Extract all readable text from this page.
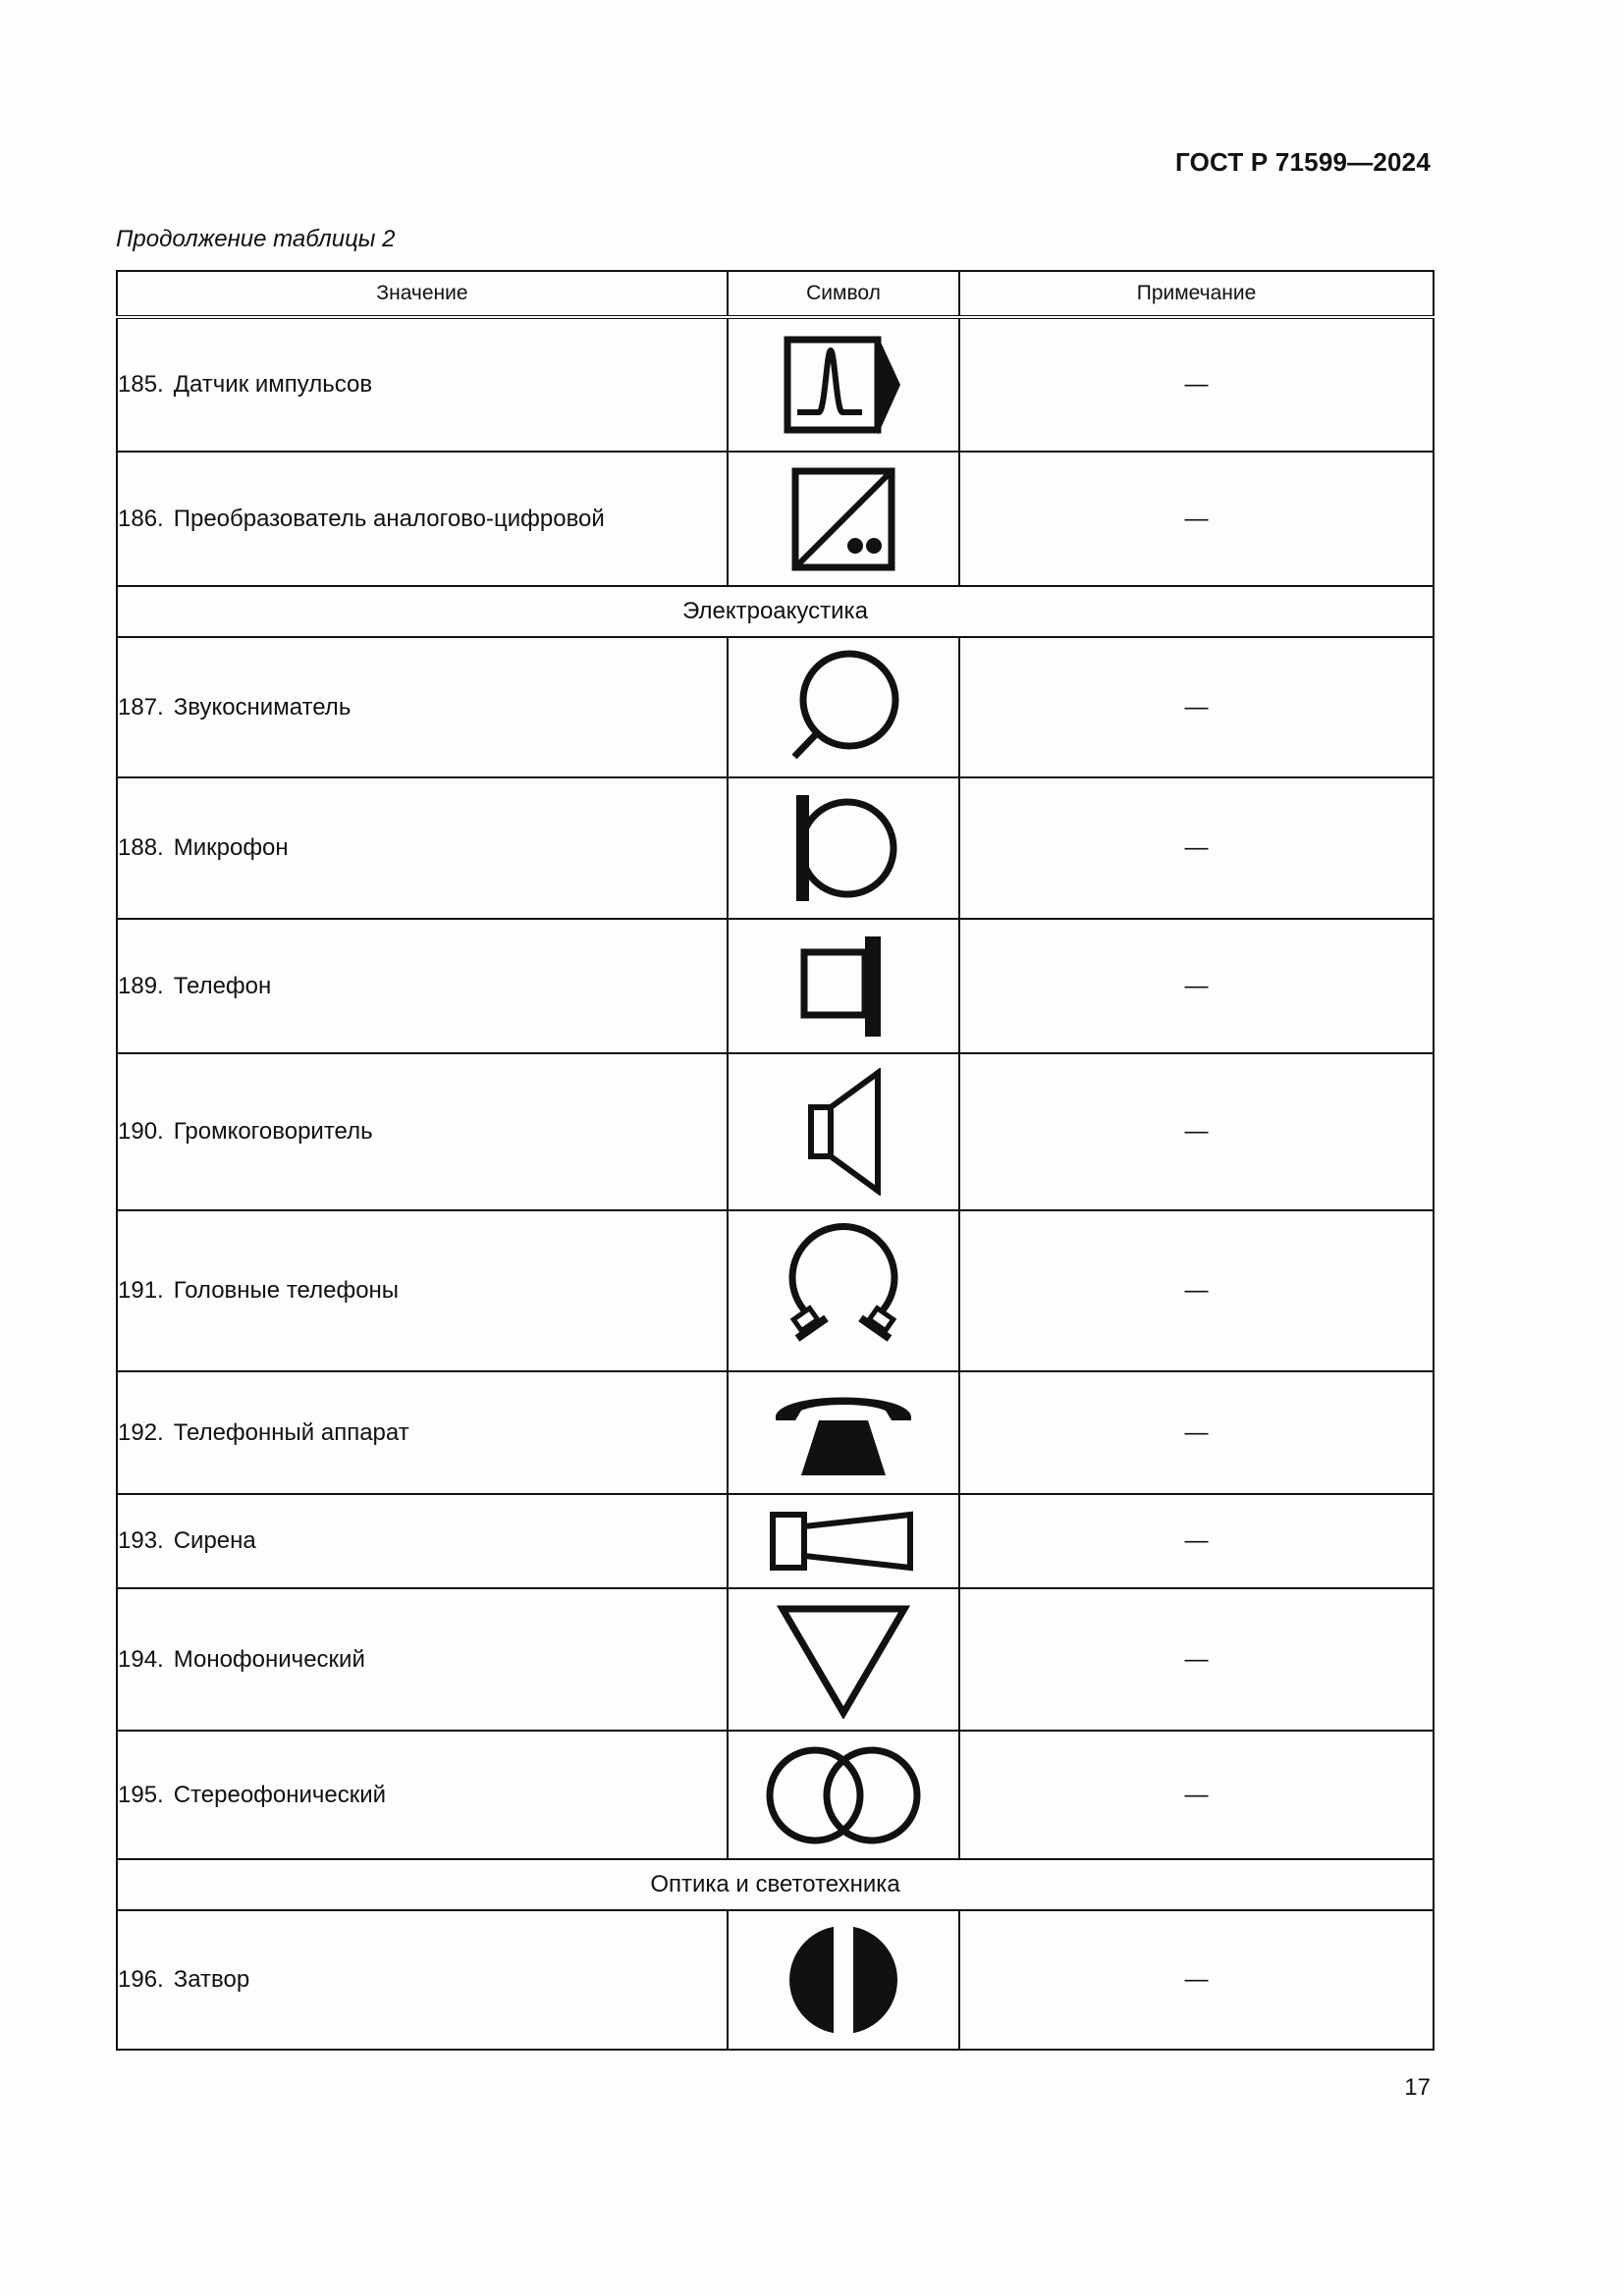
ГОСТ Р 71599—2024
Продолжение таблицы 2
Значение	Символ	Примечание
185. Датчик импульсов		—
186. Преобразователь аналогово-цифровой		—
Электроакустика		
187. Звукосниматель		—
188. Микрофон		—
189. Телефон		—
190. Громкоговоритель		—
191. Головные телефоны		—
192. Телефонный аппарат		—
193. Сирена		—
194. Монофонический		—
195. Стереофонический		—
Оптика и светотехника		
196. Затвор		—
17
